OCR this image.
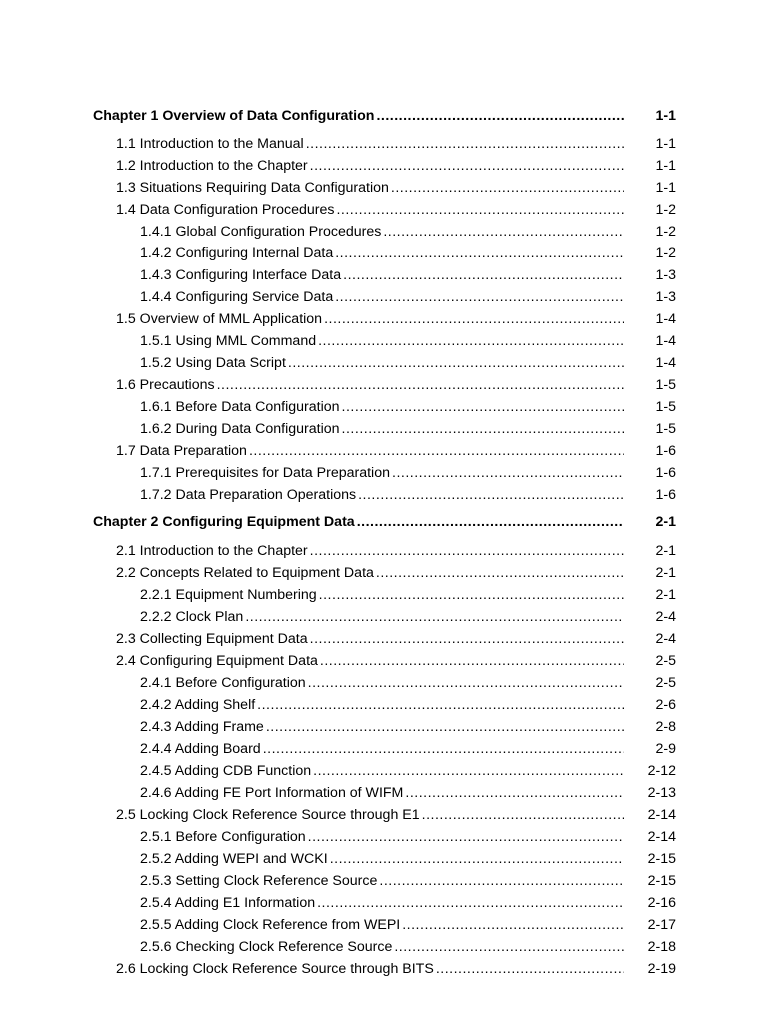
Chapter 1 Overview of Data Configuration .....	1-1
1.1 Introduction to the Manual .....	1-1
1.2 Introduction to the Chapter .....	1-1
1.3 Situations Requiring Data Configuration .....	1-1
1.4 Data Configuration Procedures .....	1-2
1.4.1 Global Configuration Procedures .....	1-2
1.4.2 Configuring Internal Data .....	1-2
1.4.3 Configuring Interface Data .....	1-3
1.4.4 Configuring Service Data .....	1-3
1.5 Overview of MML Application .....	1-4
1.5.1 Using MML Command .....	1-4
1.5.2 Using Data Script .....	1-4
1.6 Precautions .....	1-5
1.6.1 Before Data Configuration .....	1-5
1.6.2 During Data Configuration .....	1-5
1.7 Data Preparation .....	1-6
1.7.1 Prerequisites for Data Preparation .....	1-6
1.7.2 Data Preparation Operations .....	1-6
Chapter 2 Configuring Equipment Data .....	2-1
2.1 Introduction to the Chapter .....	2-1
2.2 Concepts Related to Equipment Data .....	2-1
2.2.1 Equipment Numbering .....	2-1
2.2.2 Clock Plan .....	2-4
2.3 Collecting Equipment Data .....	2-4
2.4 Configuring Equipment Data .....	2-5
2.4.1 Before Configuration .....	2-5
2.4.2 Adding Shelf .....	2-6
2.4.3 Adding Frame .....	2-8
2.4.4 Adding Board .....	2-9
2.4.5 Adding CDB Function .....	2-12
2.4.6 Adding FE Port Information of WIFM .....	2-13
2.5 Locking Clock Reference Source through E1 .....	2-14
2.5.1 Before Configuration .....	2-14
2.5.2 Adding WEPI and WCKI .....	2-15
2.5.3 Setting Clock Reference Source .....	2-15
2.5.4 Adding E1 Information .....	2-16
2.5.5 Adding Clock Reference from WEPI .....	2-17
2.5.6 Checking Clock Reference Source .....	2-18
2.6 Locking Clock Reference Source through BITS .....	2-19
